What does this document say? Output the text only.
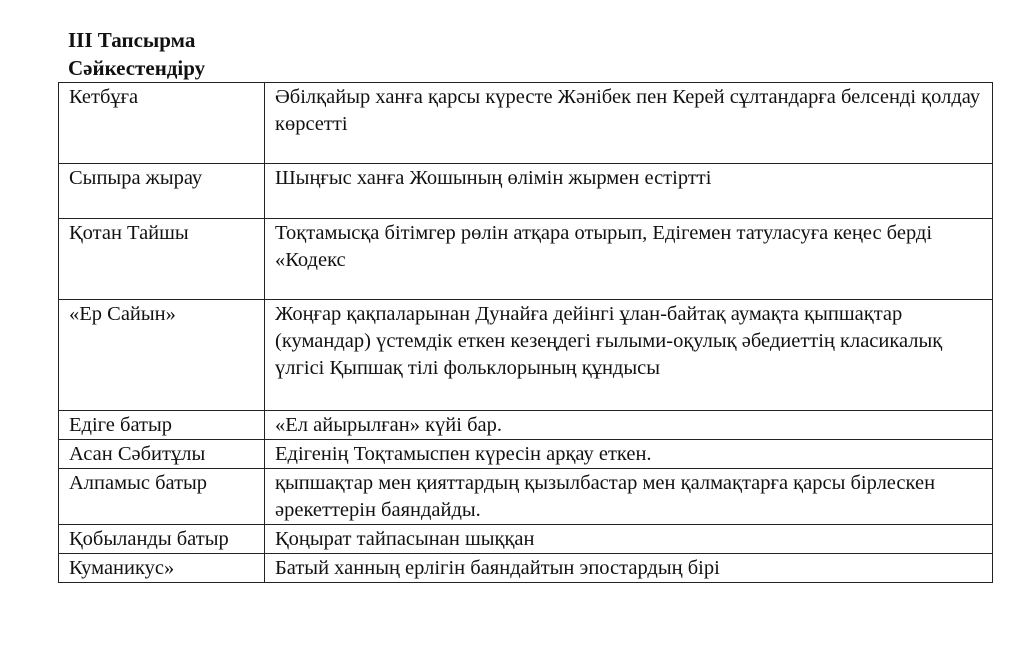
III Тапсырма
Сәйкестендіру
Кетбұға	Әбілқайыр ханға қарсы күресте Жәнібек пен Керей сұлтандарға белсенді қолдау көрсетті
Сыпыра жырау	Шыңғыс ханға Жошының өлімін жырмен естіртті
Қотан Тайшы	Тоқтамысқа бітімгер рөлін атқара отырып, Едігемен татуласуға кеңес берді «Кодекс
«Ер Сайын»	Жоңғар қақпаларынан Дунайға дейінгі ұлан-байтақ аумақта қыпшақтар (кумандар) үстемдік еткен кезеңдегі ғылыми-оқулық әбедиеттің класикалық үлгісі Қыпшақ тілі фольклорының құндысы
Едіге батыр	«Ел айырылған» күйі бар.
Асан Сәбитұлы	Едігенің Тоқтамыспен күресін арқау еткен.
Алпамыс батыр	қыпшақтар мен қияттардың қызылбастар мен қалмақтарға қарсы бірлескен әрекеттерін баяндайды.
Қобыланды батыр	Қоңырат тайпасынан шыққан
Куманикус»	Батый ханның ерлігін баяндайтын эпостардың бірі
